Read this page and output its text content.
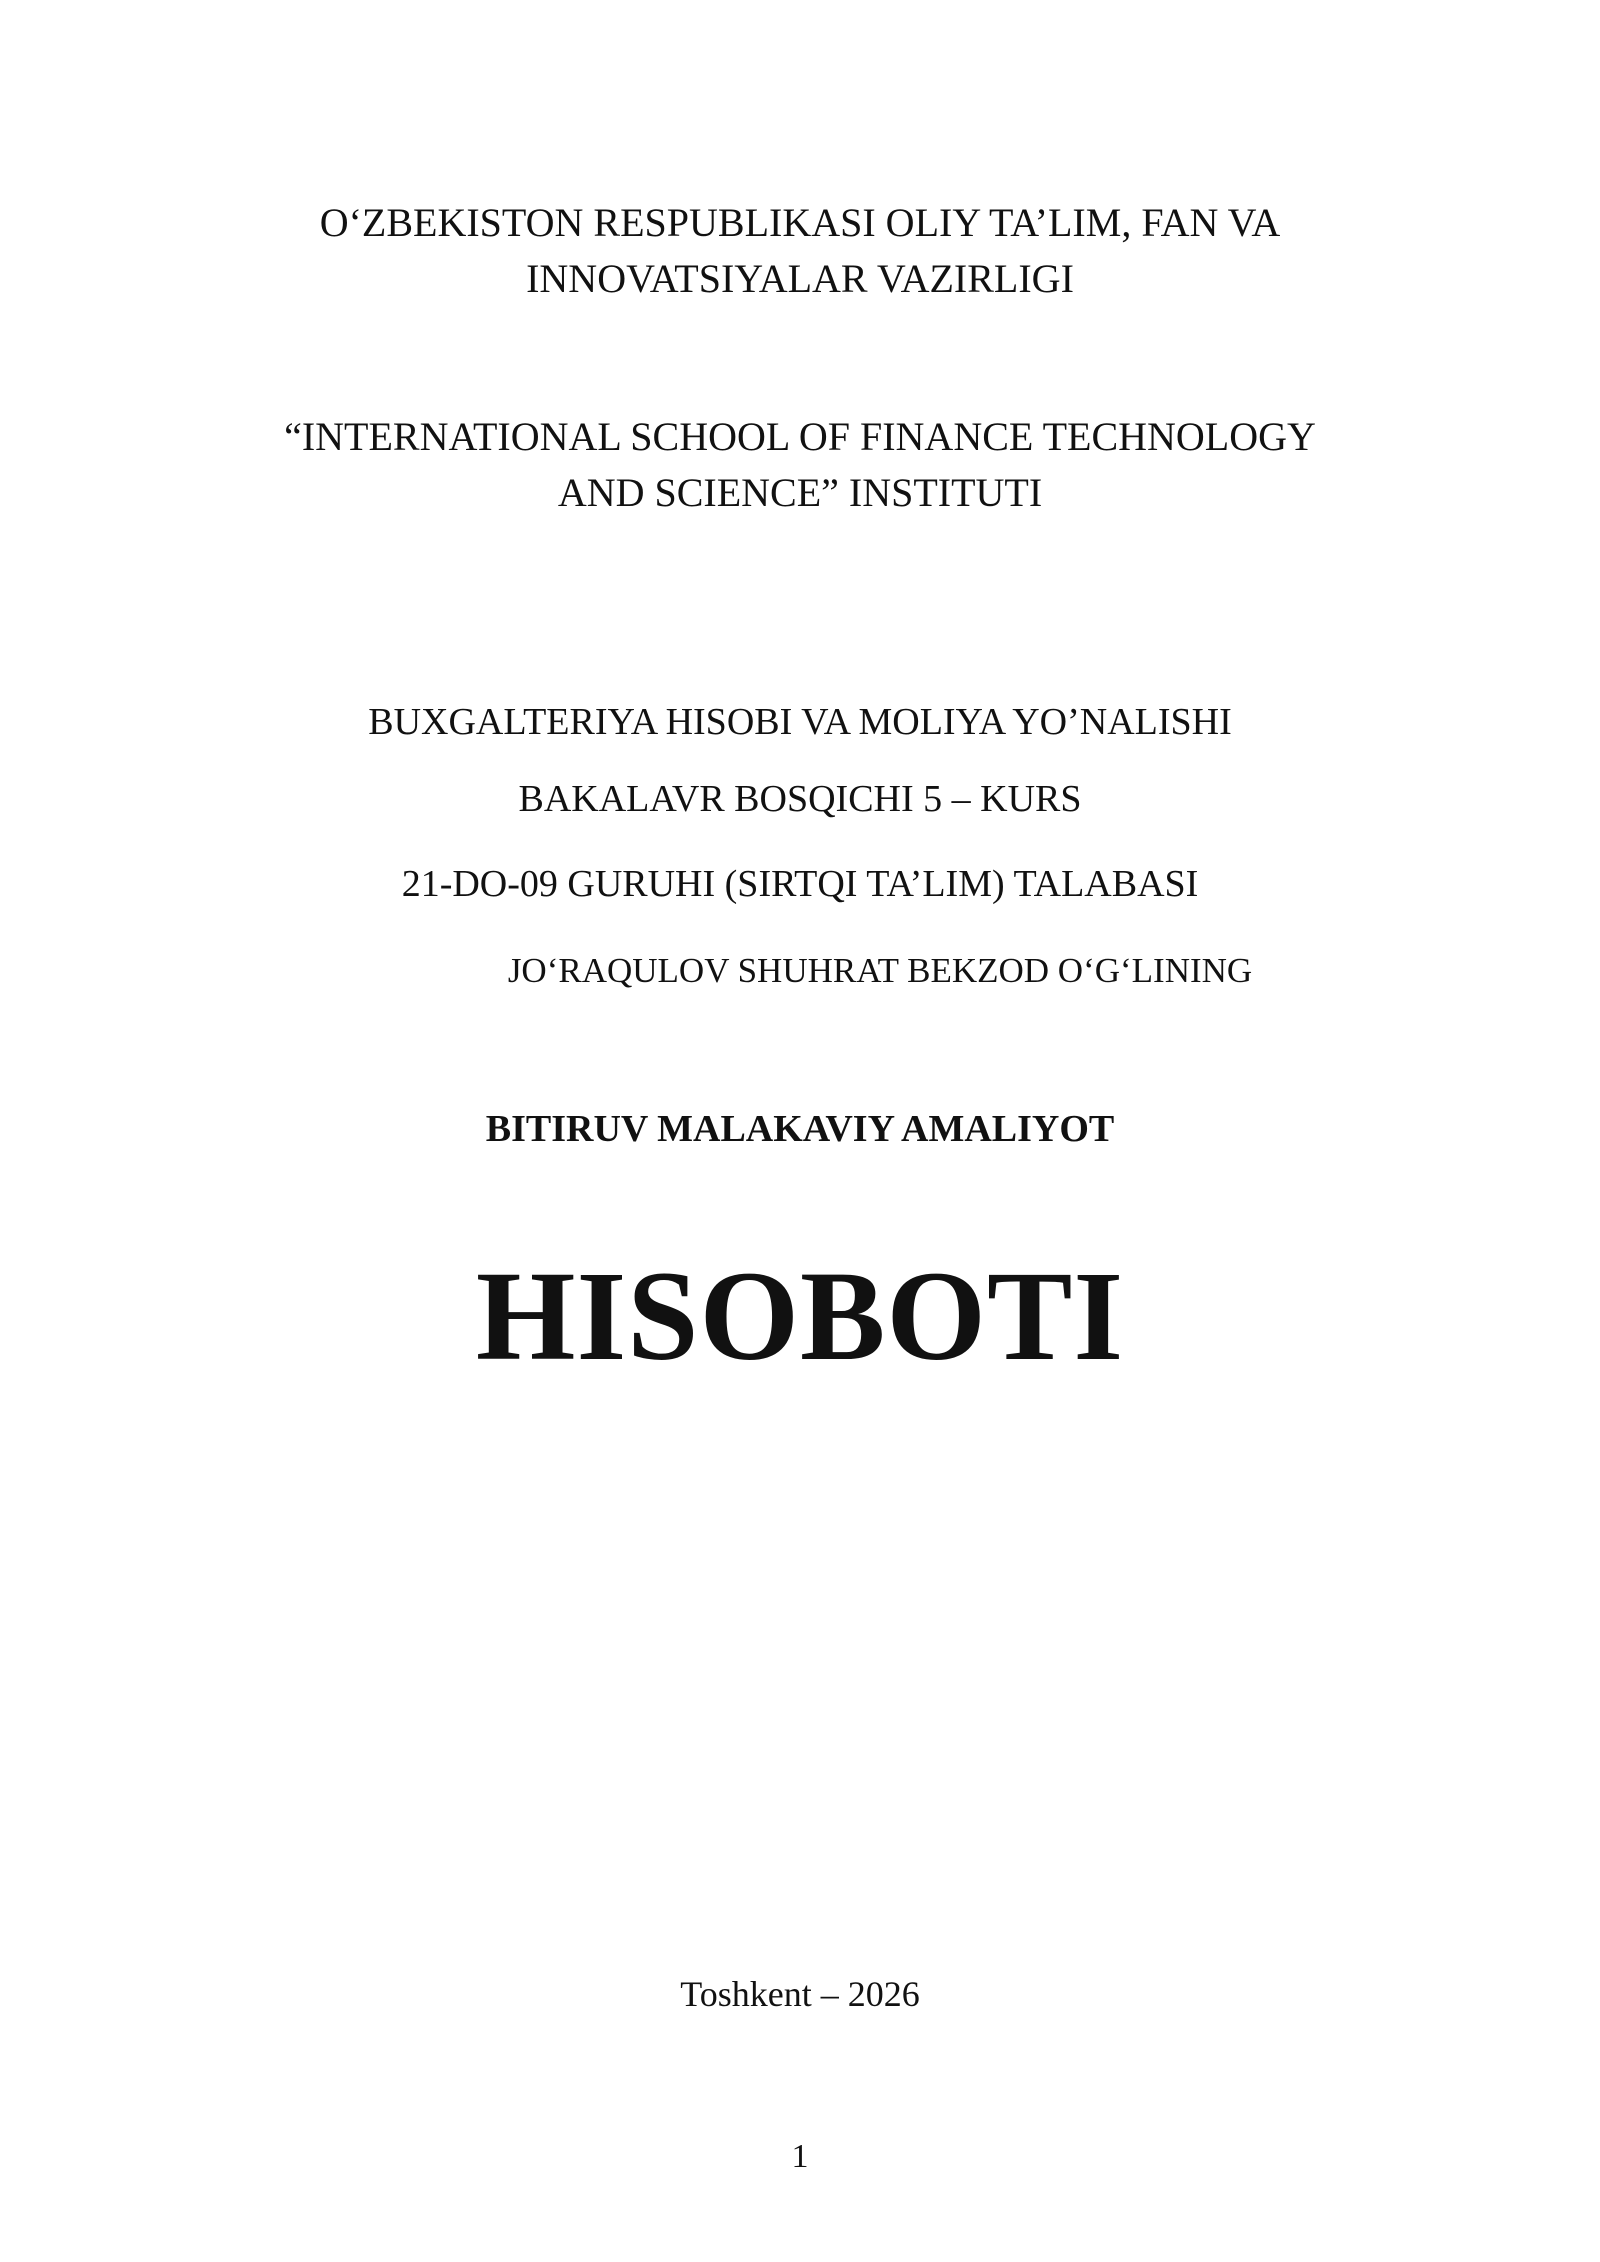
O‘ZBEKISTON RESPUBLIKASI OLIY TA’LIM, FAN VA

INNOVATSIYALAR VAZIRLIGI

“INTERNATIONAL SCHOOL OF FINANCE TECHNOLOGY

AND SCIENCE” INSTITUTI

BUXGALTERIYA HISOBI VA MOLIYA YO’NALISHI

BAKALAVR BOSQICHI 5 – KURS

21-DO-09 GURUHI (SIRTQI TA’LIM) TALABASI

JO‘RAQULOV SHUHRAT BEKZOD O‘G‘LINING

BITIRUV MALAKAVIY AMALIYOT

HISOBOTI

Toshkent – 2026

1
